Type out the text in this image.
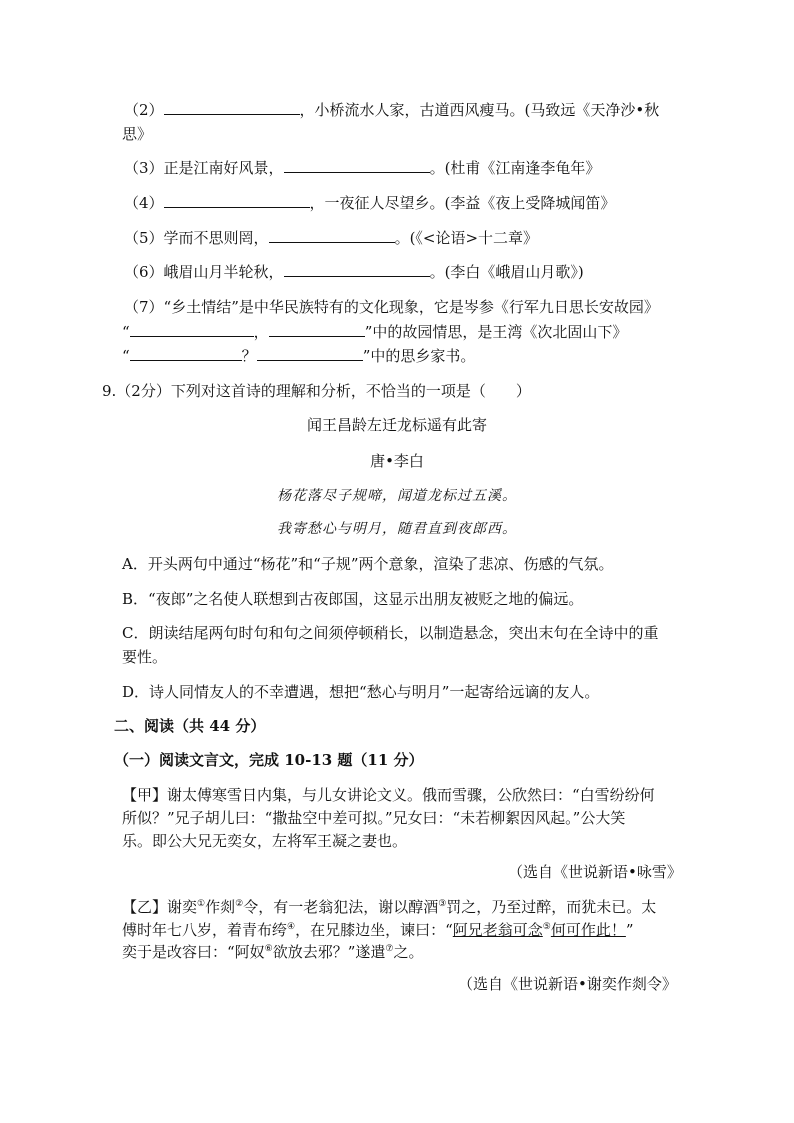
（2）	，小桥流水人家，古道西风瘦马。(马致远《天净沙•秋
思》
（3）正是江南好风景，	。(杜甫《江南逢李龟年》
（4）	，一夜征人尽望乡。(李益《夜上受降城闻笛》
（5）学而不思则罔，	。(《<论语>十二章》
（6）峨眉山月半轮秋，	。(李白《峨眉山月歌》)
（7）“乡土情结”是中华民族特有的文化现象，它是岑参《行军九日思长安故园》
“	，	”中的故园情思，是王湾《次北固山下》
“	？	”中的思乡家书。
9.（2分）下列对这首诗的理解和分析，不恰当的一项是（　　）
闻王昌龄左迁龙标遥有此寄
唐•李白
杨花落尽子规啼，闻道龙标过五溪。
我寄愁心与明月，随君直到夜郎西。
A．开头两句中通过“杨花”和“子规”两个意象，渲染了悲凉、伤感的气氛。
B．“夜郎”之名使人联想到古夜郎国，这显示出朋友被贬之地的偏远。
C．朗读结尾两句时句和句之间须停顿稍长，以制造悬念，突出末句在全诗中的重
要性。
D．诗人同情友人的不幸遭遇，想把“愁心与明月”一起寄给远谪的友人。
二、阅读（共 44 分）
（一）阅读文言文，完成 10-13 题（11 分）
【甲】谢太傅寒雪日内集，与儿女讲论文义。俄而雪骤，公欣然曰：“白雪纷纷何
所似？”兄子胡儿曰：“撒盐空中差可拟。”兄女曰：“未若柳絮因风起。”公大笑
乐。即公大兄无奕女，左将军王凝之妻也。
（选自《世说新语•咏雪》
【乙】谢奕①作剡②令，有一老翁犯法，谢以醇酒③罚之，乃至过醉，而犹未已。太
傅时年七八岁，着青布绔④，在兄膝边坐，谏曰：“阿兄老翁可念⑤何可作此！”
奕于是改容曰：“阿奴⑥欲放去邪？”遂遣⑦之。
（选自《世说新语•谢奕作剡令》
